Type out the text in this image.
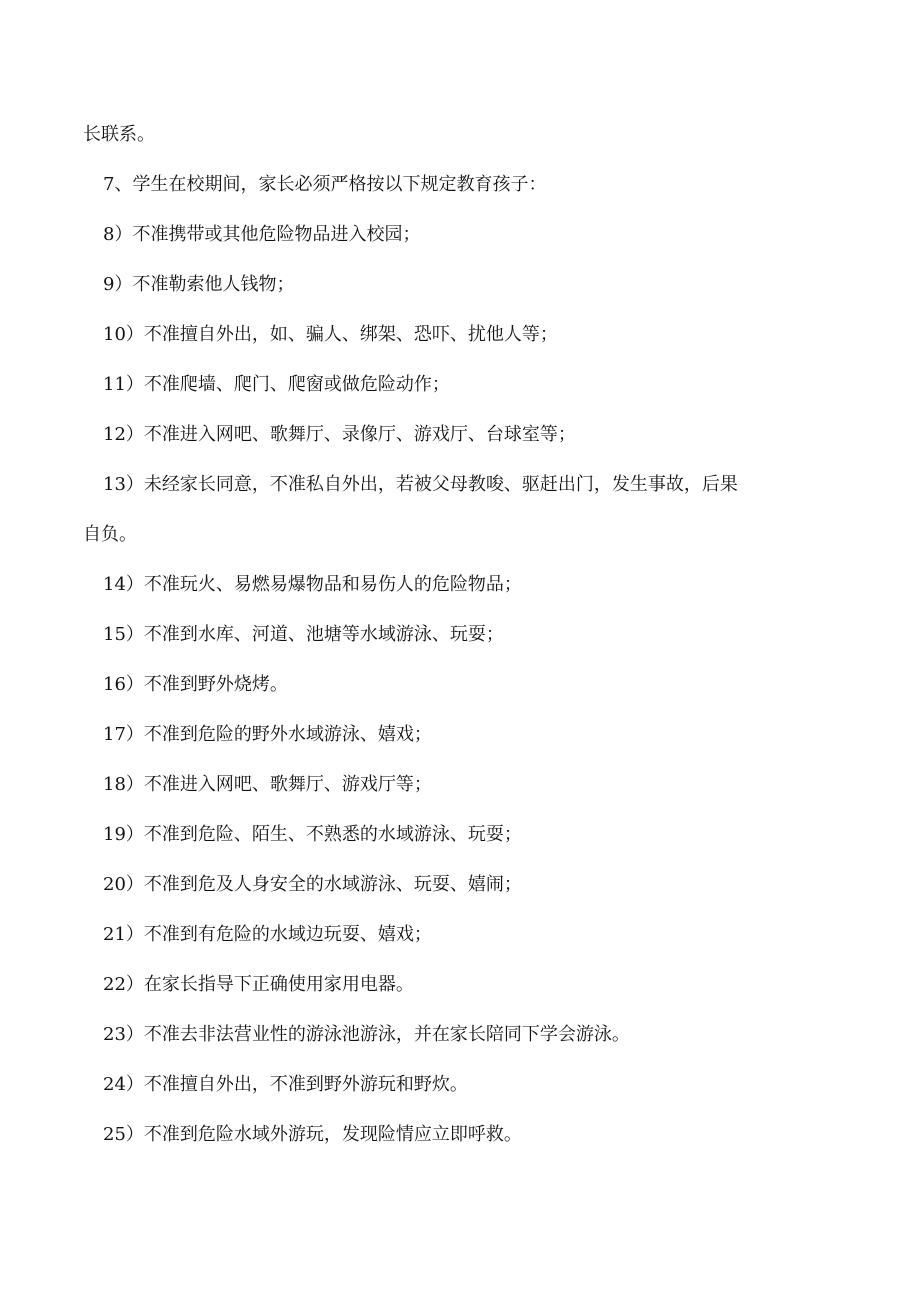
长联系。
7、学生在校期间，家长必须严格按以下规定教育孩子：
8）不准携带或其他危险物品进入校园；
9）不准勒索他人钱物；
10）不准擅自外出，如、骗人、绑架、恐吓、扰他人等；
11）不准爬墙、爬门、爬窗或做危险动作；
12）不准进入网吧、歌舞厅、录像厅、游戏厅、台球室等；
13）未经家长同意，不准私自外出，若被父母教唆、驱赶出门，发生事故，后果
自负。
14）不准玩火、易燃易爆物品和易伤人的危险物品；
15）不准到水库、河道、池塘等水域游泳、玩耍；
16）不准到野外烧烤。
17）不准到危险的野外水域游泳、嬉戏；
18）不准进入网吧、歌舞厅、游戏厅等；
19）不准到危险、陌生、不熟悉的水域游泳、玩耍；
20）不准到危及人身安全的水域游泳、玩耍、嬉闹；
21）不准到有危险的水域边玩耍、嬉戏；
22）在家长指导下正确使用家用电器。
23）不准去非法营业性的游泳池游泳，并在家长陪同下学会游泳。
24）不准擅自外出，不准到野外游玩和野炊。
25）不准到危险水域外游玩，发现险情应立即呼救。
